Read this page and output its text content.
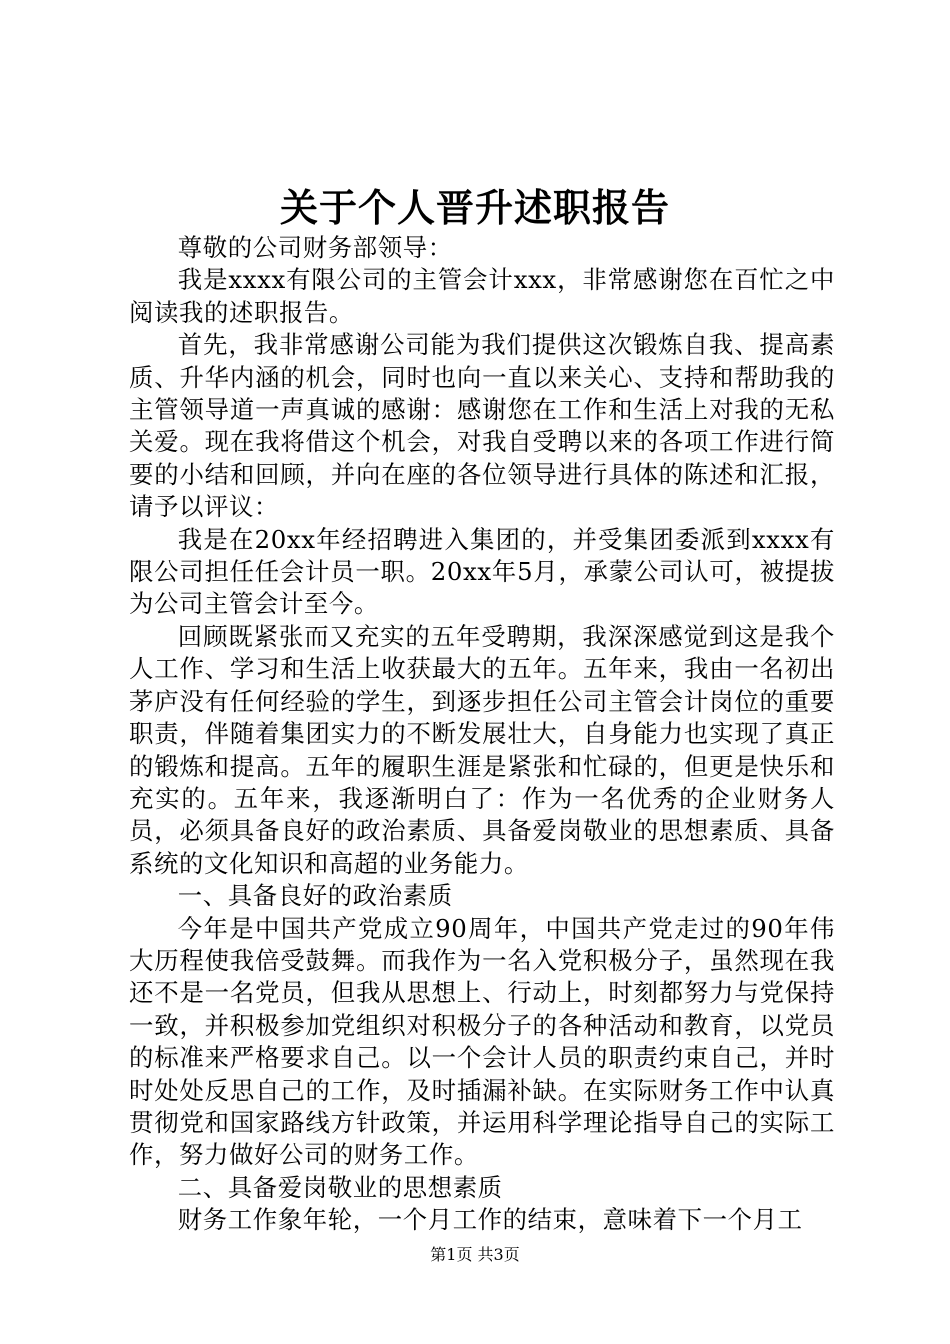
关于个人晋升述职报告

尊敬的公司财务部领导：

我是xxxx有限公司的主管会计xxx，非常感谢您在百忙之中阅读我的述职报告。

首先，我非常感谢公司能为我们提供这次锻炼自我、提高素质、升华内涵的机会，同时也向一直以来关心、支持和帮助我的主管领导道一声真诚的感谢：感谢您在工作和生活上对我的无私关爱。现在我将借这个机会，对我自受聘以来的各项工作进行简要的小结和回顾，并向在座的各位领导进行具体的陈述和汇报，请予以评议：

我是在20xx年经招聘进入集团的，并受集团委派到xxxx有限公司担任任会计员一职。20xx年5月，承蒙公司认可，被提拔为公司主管会计至今。

回顾既紧张而又充实的五年受聘期，我深深感觉到这是我个人工作、学习和生活上收获最大的五年。五年来，我由一名初出茅庐没有任何经验的学生，到逐步担任公司主管会计岗位的重要职责，伴随着集团实力的不断发展壮大，自身能力也实现了真正的锻炼和提高。五年的履职生涯是紧张和忙碌的，但更是快乐和充实的。五年来，我逐渐明白了：作为一名优秀的企业财务人员，必须具备良好的政治素质、具备爱岗敬业的思想素质、具备系统的文化知识和高超的业务能力。

一、具备良好的政治素质

今年是中国共产党成立90周年，中国共产党走过的90年伟大历程使我倍受鼓舞。而我作为一名入党积极分子，虽然现在我还不是一名党员，但我从思想上、行动上，时刻都努力与党保持一致，并积极参加党组织对积极分子的各种活动和教育，以党员的标准来严格要求自己。以一个会计人员的职责约束自己，并时时处处反思自己的工作，及时插漏补缺。在实际财务工作中认真贯彻党和国家路线方针政策，并运用科学理论指导自己的实际工作，努力做好公司的财务工作。

二、具备爱岗敬业的思想素质

财务工作象年轮，一个月工作的结束，意味着下一个月工

第1页 共3页
